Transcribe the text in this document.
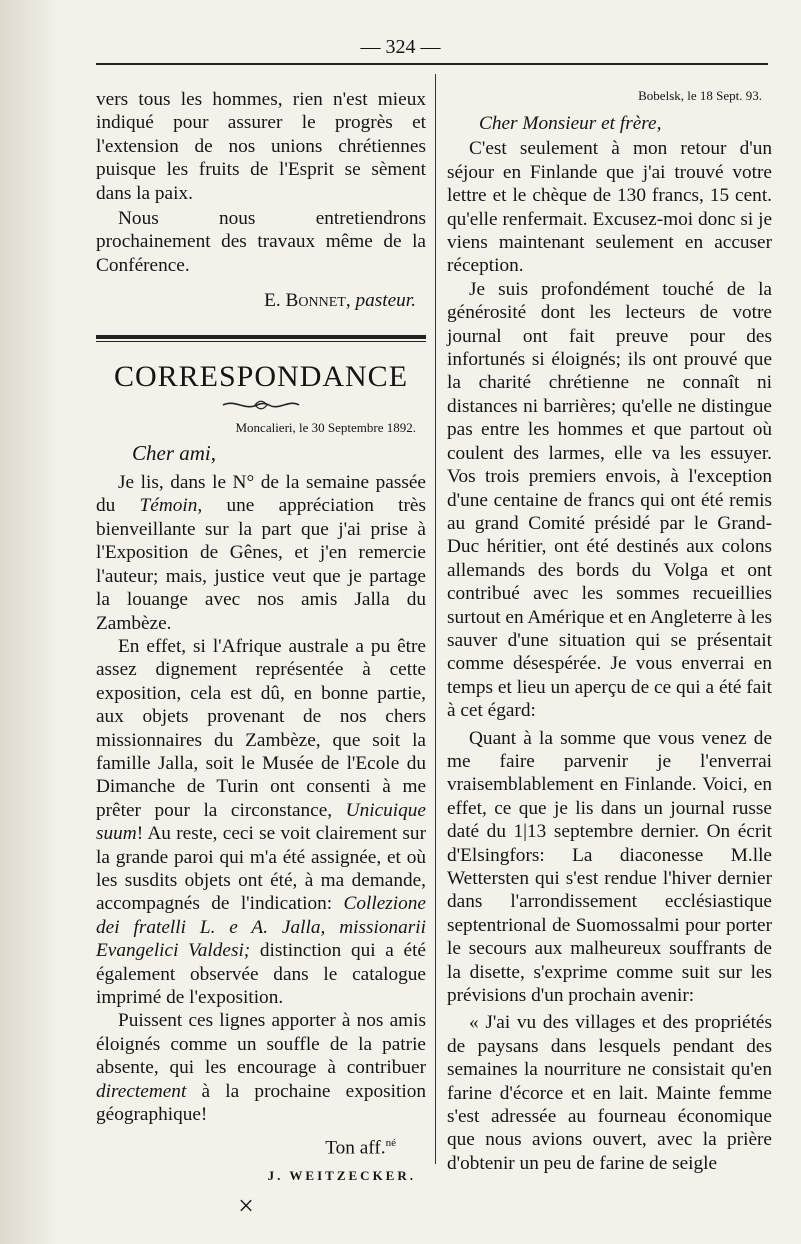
— 324 —

vers tous les hommes, rien n'est mieux indiqué pour assurer le progrès et l'extension de nos unions chrétiennes puisque les fruits de l'Esprit se sèment dans la paix.

Nous nous entretiendrons prochainement des travaux même de la Conférence.

E. Bonnet, pasteur.

CORRESPONDANCE
Moncalieri, le 30 Septembre 1892.
Cher ami,

Je lis, dans le N° de la semaine passée du Témoin, une appréciation très bienveillante sur la part que j'ai prise à l'Exposition de Gênes, et j'en remercie l'auteur; mais, justice veut que je partage la louange avec nos amis Jalla du Zambèze.

En effet, si l'Afrique australe a pu être assez dignement représentée à cette exposition, cela est dû, en bonne partie, aux objets provenant de nos chers missionnaires du Zambèze, que soit la famille Jalla, soit le Musée de l'Ecole du Dimanche de Turin ont consenti à me prêter pour la circonstance, Unicuique suum! Au reste, ceci se voit clairement sur la grande paroi qui m'a été assignée, et où les susdits objets ont été, à ma demande, accompagnés de l'indication: Collezione dei fratelli L. e A. Jalla, missionarii Evangelici Valdesi; distinction qui a été également observée dans le catalogue imprimé de l'exposition.

Puissent ces lignes apporter à nos amis éloignés comme un souffle de la patrie absente, qui les encourage à contribuer directement à la prochaine exposition géographique!

Ton aff.$^{né}$
J. WEITZECKER.
×
Bobelsk, le 18 Sept. 93.

Cher Monsieur et frère,

C'est seulement à mon retour d'un séjour en Finlande que j'ai trouvé votre lettre et le chèque de 130 francs, 15 cent. qu'elle renfermait. Excusez-moi donc si je viens maintenant seulement en accuser réception.

Je suis profondément touché de la générosité dont les lecteurs de votre journal ont fait preuve pour des infortunés si éloignés; ils ont prouvé que la charité chrétienne ne connaît ni distances ni barrières; qu'elle ne distingue pas entre les hommes et que partout où coulent des larmes, elle va les essuyer. Vos trois premiers envois, à l'exception d'une centaine de francs qui ont été remis au grand Comité présidé par le Grand-Duc héritier, ont été destinés aux colons allemands des bords du Volga et ont contribué avec les sommes recueillies surtout en Amérique et en Angleterre à les sauver d'une situation qui se présentait comme désespérée. Je vous enverrai en temps et lieu un aperçu de ce qui a été fait à cet égard:

Quant à la somme que vous venez de me faire parvenir je l'enverrai vraisemblablement en Finlande. Voici, en effet, ce que je lis dans un journal russe daté du 1|13 septembre dernier. On écrit d'Elsingfors: La diaconesse M.lle Wettersten qui s'est rendue l'hiver dernier dans l'arrondissement ecclésiastique septentrional de Suomossalmi pour porter le secours aux malheureux souffrants de la disette, s'exprime comme suit sur les prévisions d'un prochain avenir:

« J'ai vu des villages et des propriétés de paysans dans lesquels pendant des semaines la nourriture ne consistait qu'en farine d'écorce et en lait. Mainte femme s'est adressée au fourneau économique que nous avions ouvert, avec la prière d'obtenir un peu de farine de seigle
